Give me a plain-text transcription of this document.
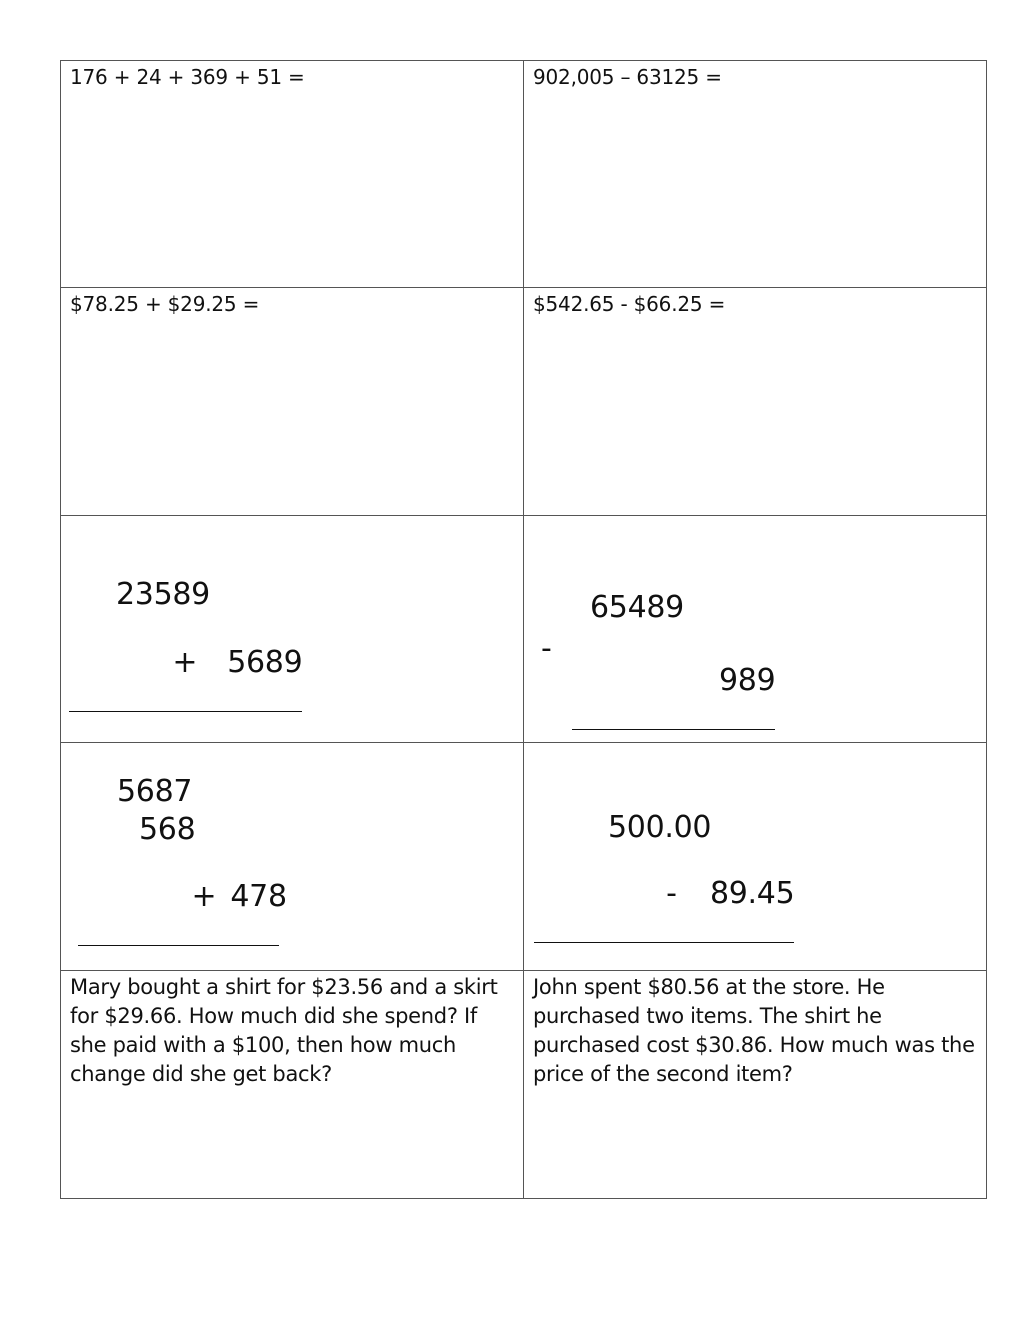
176 + 24 + 369 + 51 =	902,005 – 63125 =
$78.25 + $29.25 =	$542.65 - $66.25 =
23589

+ 5689

65489
-

989

5687
568

+ 478

500.00

- 89.45

Mary bought a shirt for $23.56 and a skirt for $29.66. How much did she spend? If she paid with a $100, then how much change did she get back?
John spent $80.56 at the store. He purchased two items. The shirt he purchased cost $30.86. How much was the price of the second item?
